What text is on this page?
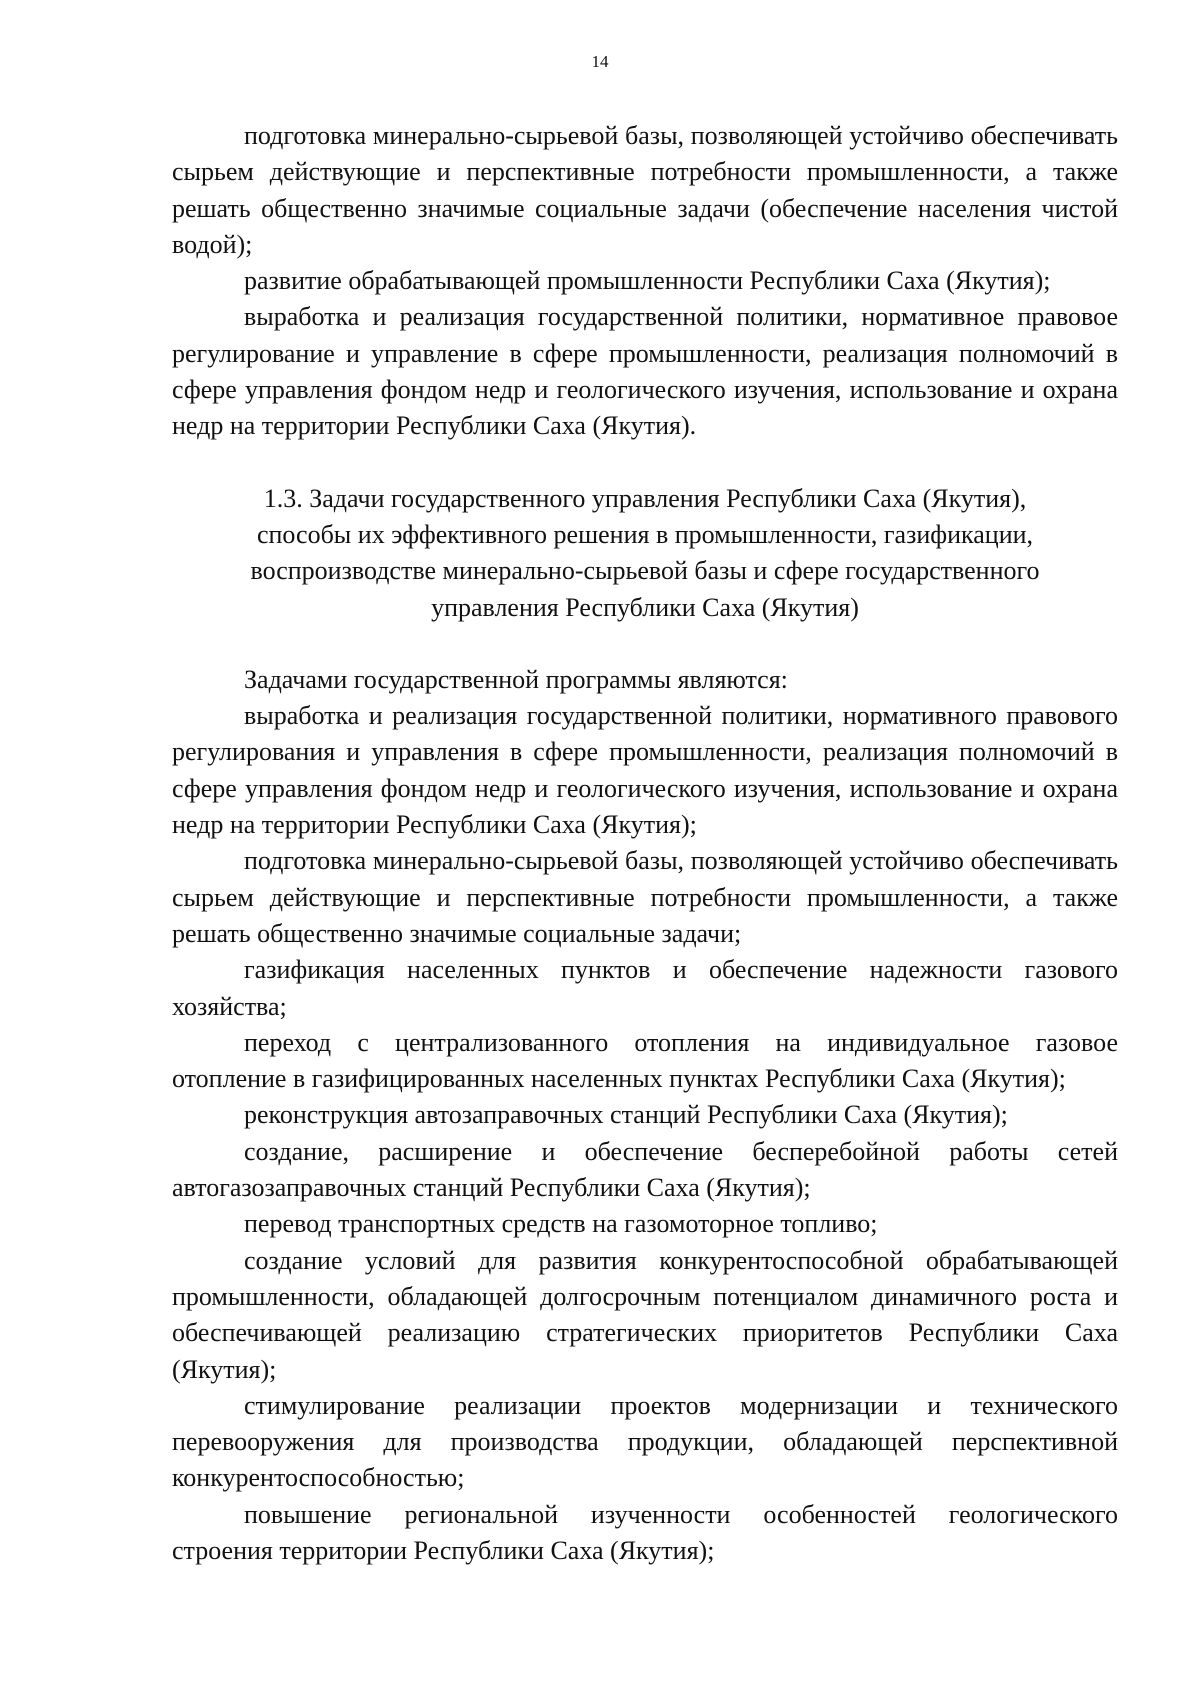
14

подготовка минерально-сырьевой базы, позволяющей устойчиво обеспечивать сырьем действующие и перспективные потребности промышленности, а также решать общественно значимые социальные задачи (обеспечение населения чистой водой);

развитие обрабатывающей промышленности Республики Саха (Якутия);

выработка и реализация государственной политики, нормативное правовое регулирование и управление в сфере промышленности, реализация полномочий в сфере управления фондом недр и геологического изучения, использование и охрана недр на территории Республики Саха (Якутия).

1.3. Задачи государственного управления Республики Саха (Якутия),
способы их эффективного решения в промышленности, газификации,
воспроизводстве минерально-сырьевой базы и сфере государственного
управления Республики Саха (Якутия)

Задачами государственной программы являются:

выработка и реализация государственной политики, нормативного правового регулирования и управления в сфере промышленности, реализация полномочий в сфере управления фондом недр и геологического изучения, использование и охрана недр на территории Республики Саха (Якутия);

подготовка минерально-сырьевой базы, позволяющей устойчиво обеспечивать сырьем действующие и перспективные потребности промышленности, а также решать общественно значимые социальные задачи;

газификация населенных пунктов и обеспечение надежности газового хозяйства;

переход с централизованного отопления на индивидуальное газовое отопление в газифицированных населенных пунктах Республики Саха (Якутия);

реконструкция автозаправочных станций Республики Саха (Якутия);

создание, расширение и обеспечение бесперебойной работы сетей автогазозаправочных станций Республики Саха (Якутия);

перевод транспортных средств на газомоторное топливо;

создание условий для развития конкурентоспособной обрабатывающей промышленности, обладающей долгосрочным потенциалом динамичного роста и обеспечивающей реализацию стратегических приоритетов Республики Саха (Якутия);

стимулирование реализации проектов модернизации и технического перевооружения для производства продукции, обладающей перспективной конкурентоспособностью;

повышение региональной изученности особенностей геологического строения территории Республики Саха (Якутия);
